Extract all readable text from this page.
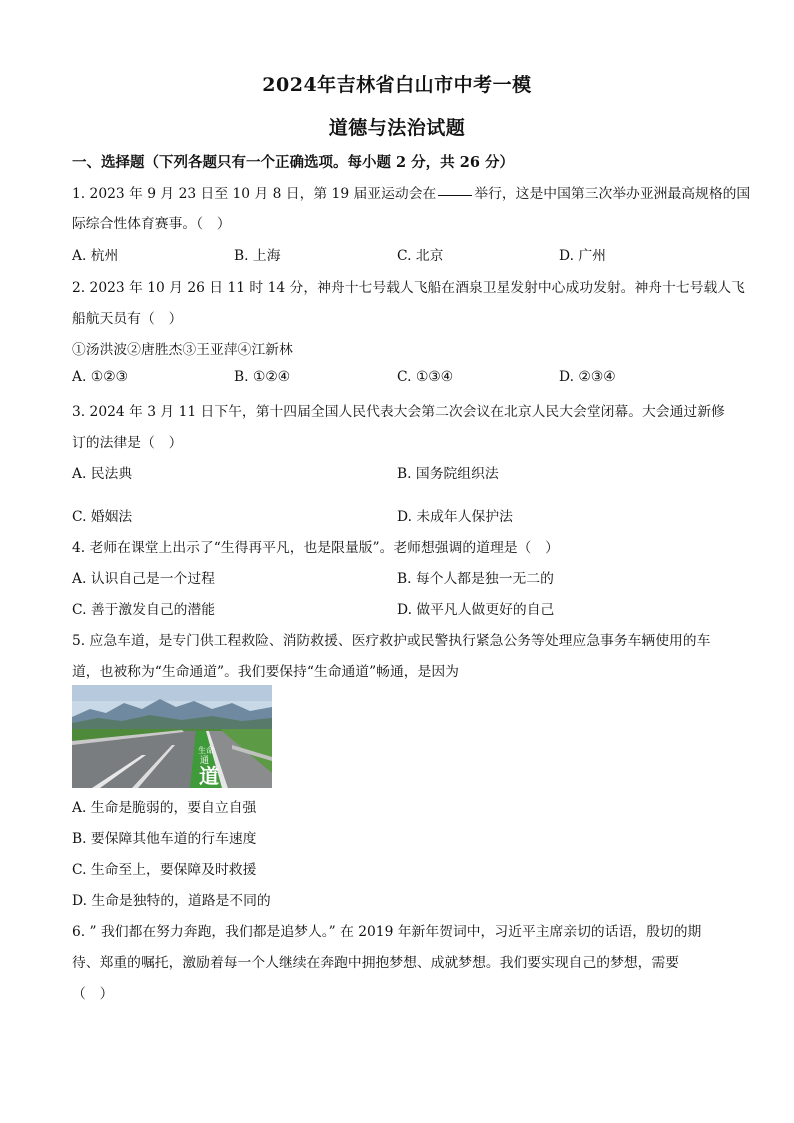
2024年吉林省白山市中考一模
道德与法治试题
一、选择题（下列各题只有一个正确选项。每小题 2 分，共 26 分）
1. 2023 年 9 月 23 日至 10 月 8 日，第 19 届亚运动会在	举行，这是中国第三次举办亚洲最高规格的国
际综合性体育赛事。（　）
A. 杭州	B. 上海	C. 北京	D. 广州
2. 2023 年 10 月 26 日 11 时 14 分，神舟十七号载人飞船在酒泉卫星发射中心成功发射。神舟十七号载人飞
船航天员有（　）
①汤洪波②唐胜杰③王亚萍④江新林
A. ①②③	B. ①②④	C. ①③④	D. ②③④
3. 2024 年 3 月 11 日下午，第十四届全国人民代表大会第二次会议在北京人民大会堂闭幕。大会通过新修
订的法律是（　）
A. 民法典	B. 国务院组织法
C. 婚姻法	D. 未成年人保护法
4. 老师在课堂上出示了“生得再平凡，也是限量版”。老师想强调的道理是（　）
A. 认识自己是一个过程	B. 每个人都是独一无二的
C. 善于激发自己的潜能	D. 做平凡人做更好的自己
5. 应急车道，是专门供工程救险、消防救援、医疗救护或民警执行紧急公务等处理应急事务车辆使用的车
道，也被称为“生命通道”。我们要保持“生命通道”畅通，是因为
生命
通
道
A. 生命是脆弱的，要自立自强
B. 要保障其他车道的行车速度
C. 生命至上，要保障及时救援
D. 生命是独特的，道路是不同的
6. ” 我们都在努力奔跑，我们都是追梦人。” 在 2019 年新年贺词中，习近平主席亲切的话语，殷切的期
待、郑重的嘱托，激励着每一个人继续在奔跑中拥抱梦想、成就梦想。我们要实现自己的梦想，需要
（　）
